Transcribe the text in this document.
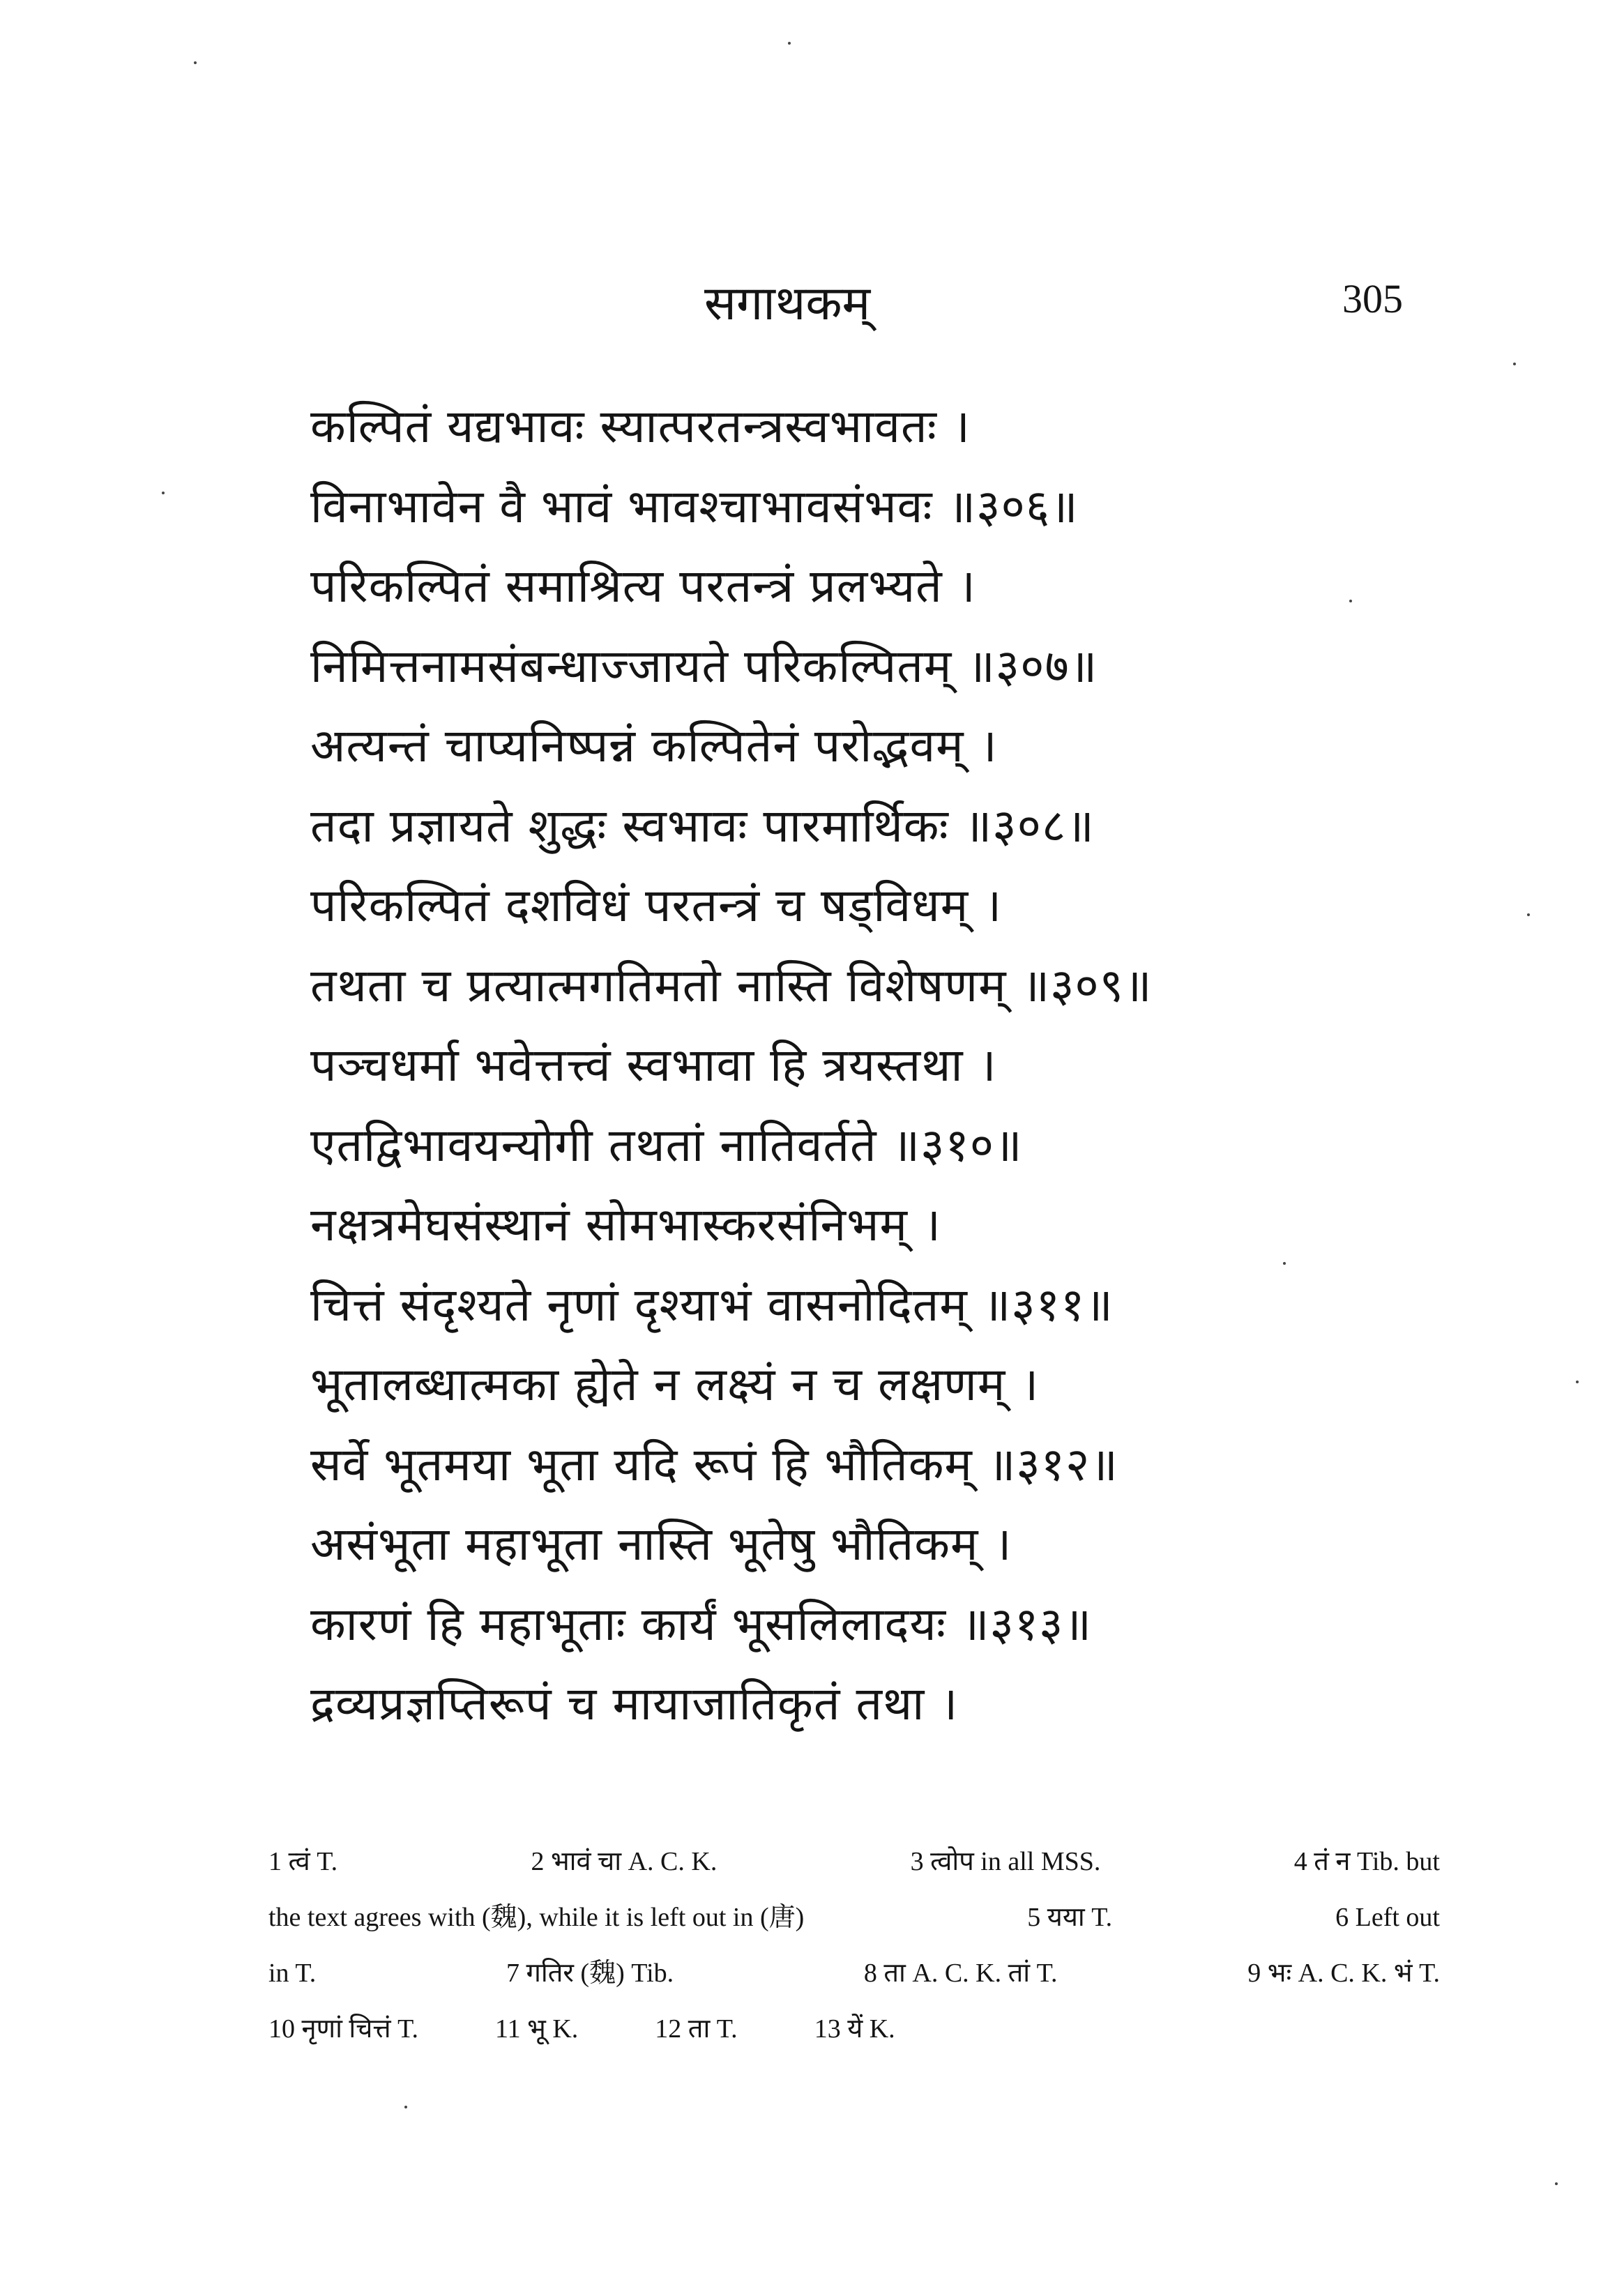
सगाथकम्	305
कल्पितं यद्यभावः स्यात्परतन्त्रस्वभावतः ।
विनाभावेन वै भावं भावश्चाभावसंभवः ॥३०६॥
परिकल्पितं समाश्रित्य परतन्त्रं प्रलभ्यते ।
निमित्तनामसंबन्धाज्जायते परिकल्पितम् ॥३०७॥
अत्यन्तं चाप्यनिष्पन्नं कल्पितेनं परोद्भवम् ।
तदा प्रज्ञायते शुद्धः स्वभावः पारमार्थिकः ॥३०८॥
परिकल्पितं दशविधं परतन्त्रं च षड्विधम् ।
तथता च प्रत्यात्मगतिमतो नास्ति विशेषणम् ॥३०९॥
पञ्चधर्मा भवेत्तत्त्वं स्वभावा हि त्रयस्तथा ।
एतद्विभावयन्योगी तथतां नातिवर्तते ॥३१०॥
नक्षत्रमेघसंस्थानं सोमभास्करसंनिभम् ।
चित्तं संदृश्यते नृणां दृश्याभं वासनोदितम् ॥३११॥
भूतालब्धात्मका ह्येते न लक्ष्यं न च लक्षणम् ।
सर्वे भूतमया भूता यदि रूपं हि भौतिकम् ॥३१२॥
असंभूता महाभूता नास्ति भूतेषु भौतिकम् ।
कारणं हि महाभूताः कार्यं भूसलिलादयः ॥३१३॥
द्रव्यप्रज्ञप्तिरूपं च मायाजातिकृतं तथा ।
1 त्वं T.	2 भावं चा A. C. K.	3 त्वोप in all MSS.	4 तं न Tib. but
the text agrees with (魏), while it is left out in (唐)	5 यया T.	6 Left out
in T.	7 गतिर (魏) Tib.	8 ता A. C. K. तां T.	9 भः A. C. K. भं T.
10 नृणां चित्तं T.	11 भू K.	12 ता T.	13 यें K.
